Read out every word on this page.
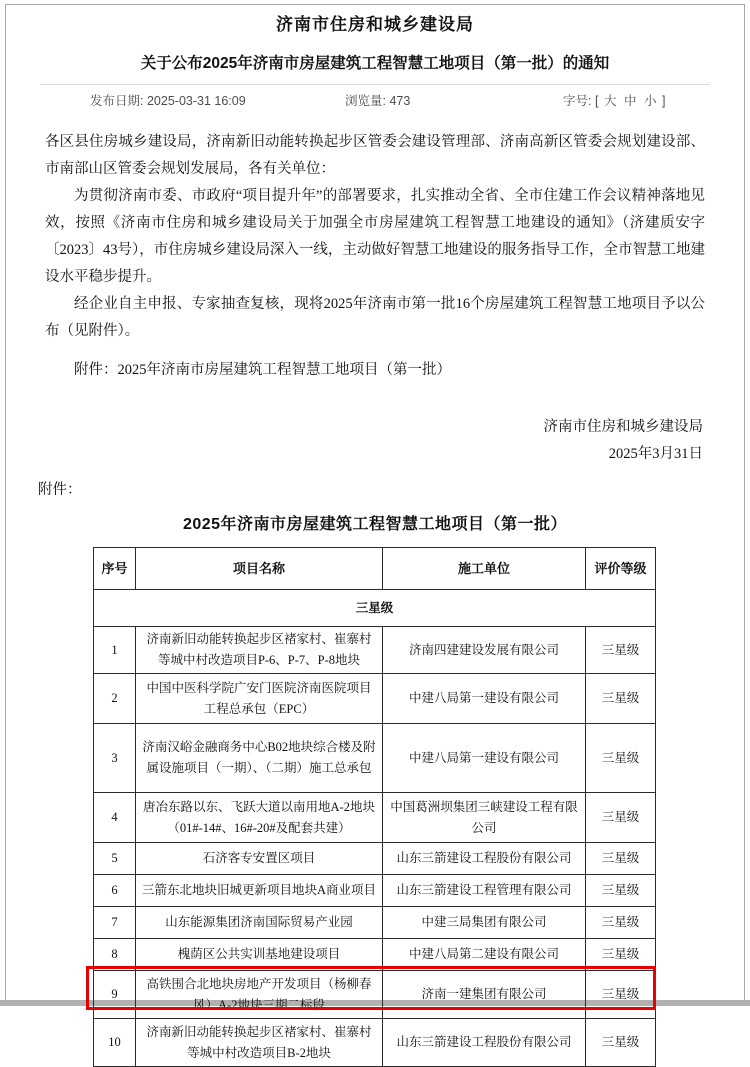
济南市住房和城乡建设局
关于公布2025年济南市房屋建筑工程智慧工地项目（第一批）的通知
发布日期: 2025-03-31 16:09	浏览量: 473	字号: [ 大 中 小 ]

各区县住房城乡建设局，济南新旧动能转换起步区管委会建设管理部、济南高新区管委会规划建设部、市南部山区管委会规划发展局，各有关单位：

为贯彻济南市委、市政府“项目提升年”的部署要求，扎实推动全省、全市住建工作会议精神落地见效，按照《济南市住房和城乡建设局关于加强全市房屋建筑工程智慧工地建设的通知》（济建质安字〔2023〕43号），市住房城乡建设局深入一线，主动做好智慧工地建设的服务指导工作，全市智慧工地建设水平稳步提升。

经企业自主申报、专家抽查复核，现将2025年济南市第一批16个房屋建筑工程智慧工地项目予以公布（见附件）。

附件：2025年济南市房屋建筑工程智慧工地项目（第一批）

济南市住房和城乡建设局
2025年3月31日
附件：
2025年济南市房屋建筑工程智慧工地项目（第一批）
序号	项目名称	施工单位	评价等级
三星级			
1	济南新旧动能转换起步区褚家村、崔寨村等城中村改造项目P-6、P-7、P-8地块	济南四建建设发展有限公司	三星级
2	中国中医科学院广安门医院济南医院项目工程总承包（EPC）	中建八局第一建设有限公司	三星级
3	济南汉峪金融商务中心B02地块综合楼及附属设施项目（一期）、（二期）施工总承包	中建八局第一建设有限公司	三星级
4	唐冶东路以东、飞跃大道以南用地A-2地块（01#-14#、16#-20#及配套共建）	中国葛洲坝集团三峡建设工程有限公司	三星级
5	石济客专安置区项目	山东三箭建设工程股份有限公司	三星级
6	三箭东北地块旧城更新项目地块A商业项目	山东三箭建设工程管理有限公司	三星级
7	山东能源集团济南国际贸易产业园	中建三局集团有限公司	三星级
8	槐荫区公共实训基地建设项目	中建八局第二建设有限公司	三星级
9	高铁围合北地块房地产开发项目（杨柳春风）A-2地块三期二标段	济南一建集团有限公司	三星级
10	济南新旧动能转换起步区褚家村、崔寨村等城中村改造项目B-2地块	山东三箭建设工程股份有限公司	三星级
